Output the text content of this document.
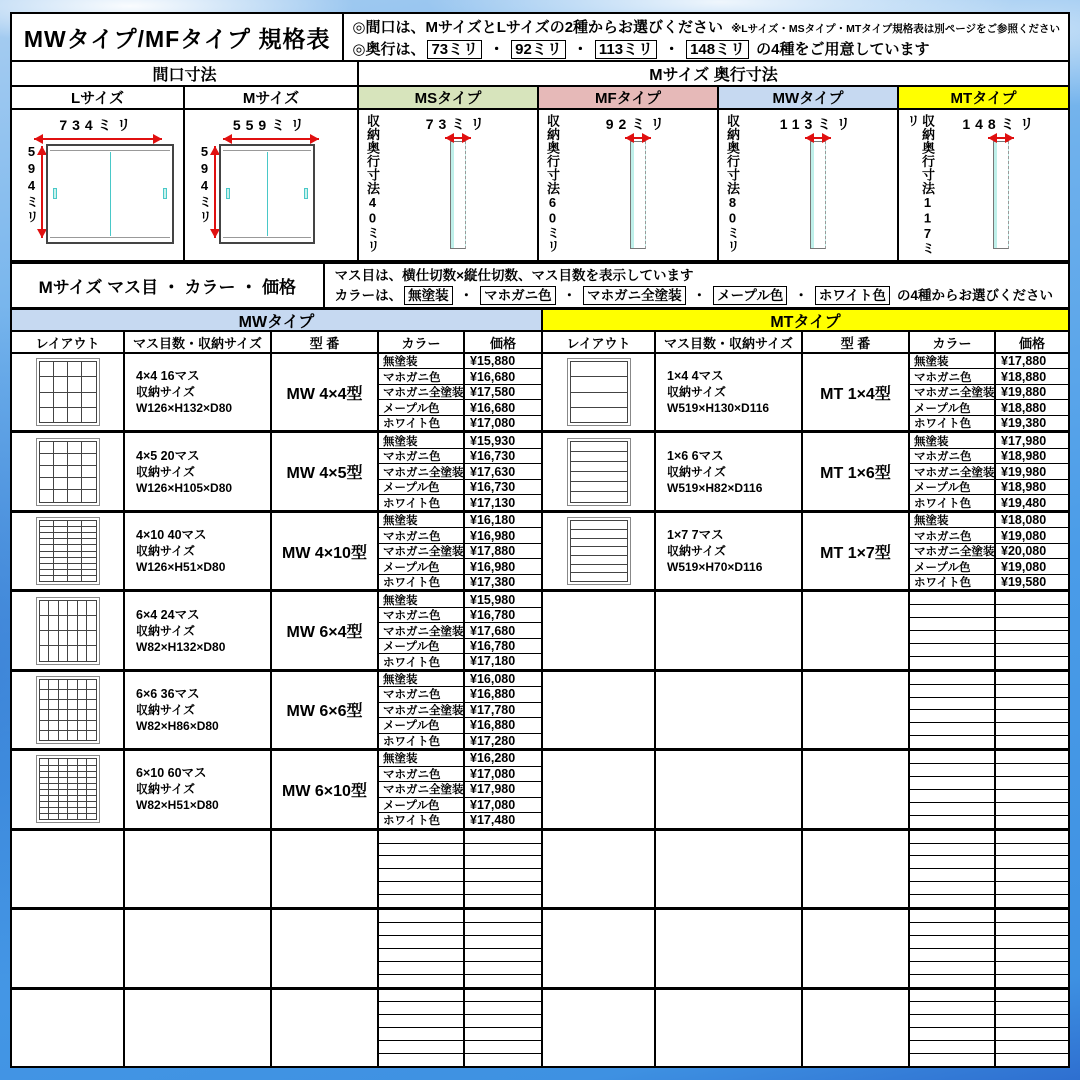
MWタイプ/MFタイプ 規格表	◎間口は、MサイズとLサイズの2種からお選びください ※Lサイズ・MSタイプ・MTタイプ規格表は別ページをご参照ください
◎奥行は、 73ミリ ・ 92ミリ ・ 113ミリ ・ 148ミリ の4種をご用意しています
間口寸法	Mサイズ 奥行寸法
Lサイズ	Mサイズ	MSタイプ	MFタイプ	MWタイプ	MTタイプ
734ミリ
594ミリ
559ミリ
594ミリ	収納奥行寸法40ミリ	73ミリ	収納奥行寸法60ミリ	92ミリ	収納奥行寸法80ミリ	113ミリ	収納奥行寸法117ミリ	148ミリ
Mサイズ マス目 ・ カラー ・ 価格
マス目は、横仕切数×縦仕切数、マス目数を表示しています
カラーは、 無塗装 ・ マホガニ色 ・ マホガニ全塗装 ・ メープル色 ・ ホワイト色 の4種からお選びください
MWタイプ	MTタイプ
レイアウト	マス目数・収納サイズ	型 番	カラー	価格	レイアウト	マス目数・収納サイズ	型 番	カラー	価格
4×4 16マス
収納サイズ
W126×H132×D80
MW 4×4型
無塗装	¥15,880
マホガニ色	¥16,680
マホガニ全塗装 ¥17,580
メープル色	¥16,680
ホワイト色	¥17,080
4×5 20マス
収納サイズ
W126×H105×D80
MW 4×5型
無塗装	¥15,930
マホガニ色	¥16,730
マホガニ全塗装 ¥17,630
メープル色	¥16,730
ホワイト色	¥17,130
4×10 40マス
収納サイズ
W126×H51×D80
MW 4×10型
無塗装	¥16,180
マホガニ色	¥16,980
マホガニ全塗装 ¥17,880
メープル色	¥16,980
ホワイト色	¥17,380
6×4 24マス
収納サイズ
W82×H132×D80
MW 6×4型
無塗装	¥15,980
マホガニ色	¥16,780
マホガニ全塗装 ¥17,680
メープル色	¥16,780
ホワイト色	¥17,180
6×6 36マス
収納サイズ
W82×H86×D80
MW 6×6型
無塗装	¥16,080
マホガニ色	¥16,880
マホガニ全塗装 ¥17,780
メープル色	¥16,880
ホワイト色	¥17,280
6×10 60マス
収納サイズ
W82×H51×D80
MW 6×10型
無塗装	¥16,280
マホガニ色	¥17,080
マホガニ全塗装 ¥17,980
メープル色	¥17,080
ホワイト色	¥17,480
1×4 4マス
収納サイズ
W519×H130×D116
MT 1×4型
無塗装	¥17,880
マホガニ色	¥18,880
マホガニ全塗装 ¥19,880
メープル色	¥18,880
ホワイト色	¥19,380
1×6 6マス
収納サイズ
W519×H82×D116
MT 1×6型
無塗装	¥17,980
マホガニ色	¥18,980
マホガニ全塗装 ¥19,980
メープル色	¥18,980
ホワイト色	¥19,480
1×7 7マス
収納サイズ
W519×H70×D116
MT 1×7型
無塗装	¥18,080
マホガニ色	¥19,080
マホガニ全塗装 ¥20,080
メープル色	¥19,080
ホワイト色	¥19,580
